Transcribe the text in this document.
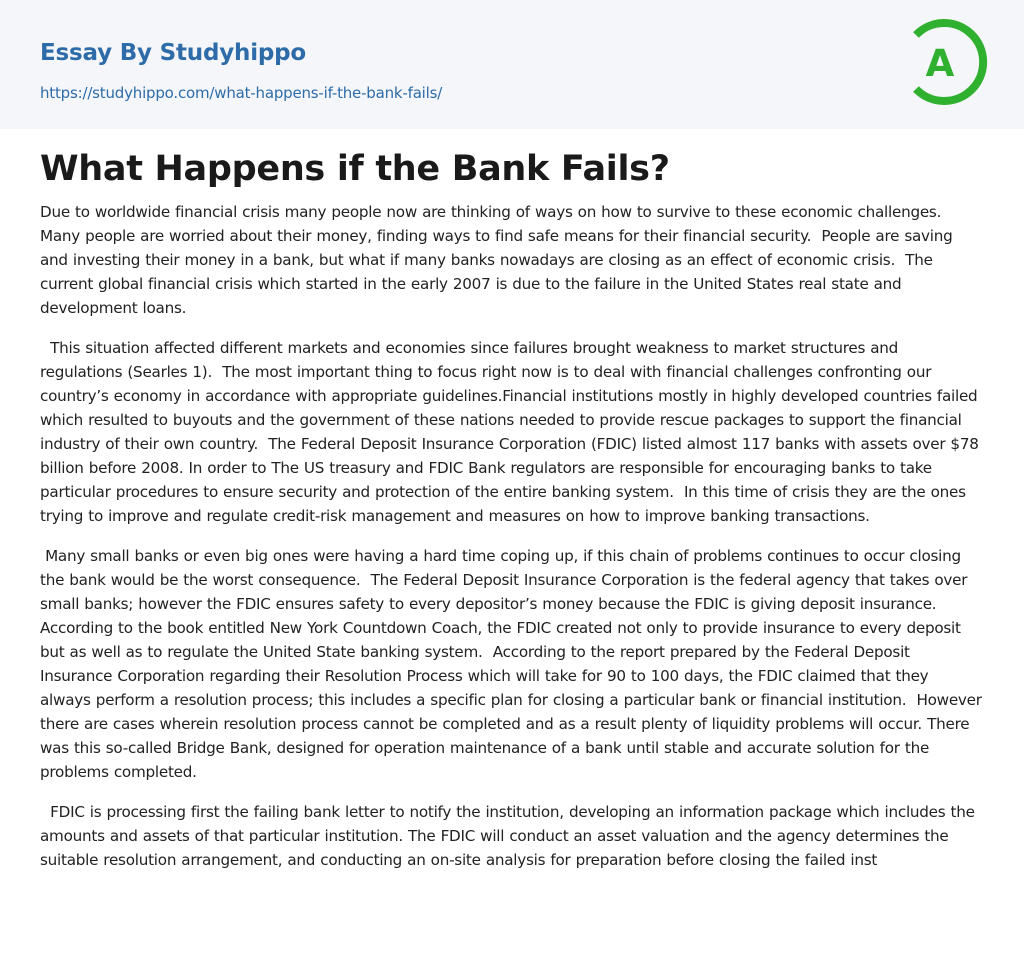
Essay By Studyhippo
https://studyhippo.com/what-happens-if-the-bank-fails/
A
What Happens if the Bank Fails?

Due to worldwide financial crisis many people now are thinking of ways on how to survive to these economic challenges.  Many people are worried about their money, finding ways to find safe means for their financial security.  People are saving and investing their money in a bank, but what if many banks nowadays are closing as an effect of economic crisis.  The current global financial crisis which started in the early 2007 is due to the failure in the United States real state and development loans.

This situation affected different markets and economies since failures brought weakness to market structures and regulations (Searles 1).  The most important thing to focus right now is to deal with financial challenges confronting our country’s economy in accordance with appropriate guidelines.Financial institutions mostly in highly developed countries failed which resulted to buyouts and the government of these nations needed to provide rescue packages to support the financial industry of their own country.  The Federal Deposit Insurance Corporation (FDIC) listed almost 117 banks with assets over $78 billion before 2008. In order to The US treasury and FDIC Bank regulators are responsible for encouraging banks to take particular procedures to ensure security and protection of the entire banking system.  In this time of crisis they are the ones trying to improve and regulate credit-risk management and measures on how to improve banking transactions.

Many small banks or even big ones were having a hard time coping up, if this chain of problems continues to occur closing the bank would be the worst consequence.  The Federal Deposit Insurance Corporation is the federal agency that takes over small banks; however the FDIC ensures safety to every depositor’s money because the FDIC is giving deposit insurance.  According to the book entitled New York Countdown Coach, the FDIC created not only to provide insurance to every deposit but as well as to regulate the United State banking system.  According to the report prepared by the Federal Deposit Insurance Corporation regarding their Resolution Process which will take for 90 to 100 days, the FDIC claimed that they always perform a resolution process; this includes a specific plan for closing a particular bank or financial institution.  However there are cases wherein resolution process cannot be completed and as a result plenty of liquidity problems will occur. There was this so-called Bridge Bank, designed for operation maintenance of a bank until stable and accurate solution for the problems completed.

FDIC is processing first the failing bank letter to notify the institution, developing an information package which includes the amounts and assets of that particular institution. The FDIC will conduct an asset valuation and the agency determines the suitable resolution arrangement, and conducting an on-site analysis for preparation before closing the failed inst
